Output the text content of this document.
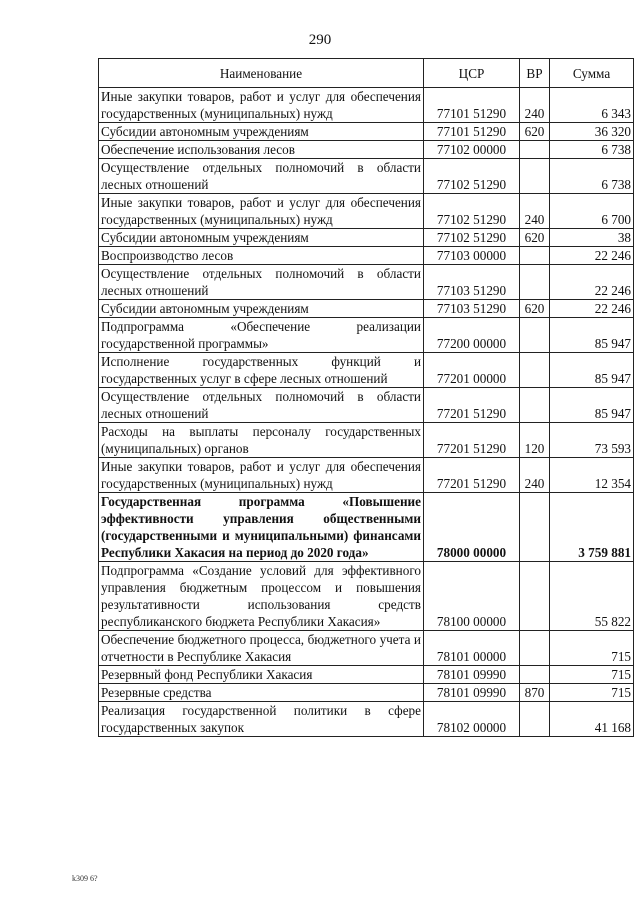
290
Наименование	ЦСР	ВР	Сумма
Иные закупки товаров, работ и услуг для обеспечения государственных (муниципальных) нужд	77101 51290	240	6 343
Субсидии автономным учреждениям	77101 51290	620	36 320
Обеспечение использования лесов	77102 00000		6 738
Осуществление отдельных полномочий в области лесных отношений	77102 51290		6 738
Иные закупки товаров, работ и услуг для обеспечения государственных (муниципальных) нужд	77102 51290	240	6 700
Субсидии автономным учреждениям	77102 51290	620	38
Воспроизводство лесов	77103 00000		22 246
Осуществление отдельных полномочий в области лесных отношений	77103 51290		22 246
Субсидии автономным учреждениям	77103 51290	620	22 246
Подпрограмма «Обеспечение реализации государственной программы»	77200 00000		85 947
Исполнение государственных функций и государственных услуг в сфере лесных отношений	77201 00000		85 947
Осуществление отдельных полномочий в области лесных отношений	77201 51290		85 947
Расходы на выплаты персоналу государственных (муниципальных) органов	77201 51290	120	73 593
Иные закупки товаров, работ и услуг для обеспечения государственных (муниципальных) нужд	77201 51290	240	12 354
Государственная программа «Повышение эффективности управления общественными (государственными и муниципальными) финансами Республики Хакасия на период до 2020 года»	78000 00000		3 759 881
Подпрограмма «Создание условий для эффективного управления бюджетным процессом и повышения результативности использования средств республиканского бюджета Республики Хакасия»	78100 00000		55 822
Обеспечение бюджетного процесса, бюджетного учета и отчетности в Республике Хакасия	78101 00000		715
Резервный фонд Республики Хакасия	78101 09990		715
Резервные средства	78101 09990	870	715
Реализация государственной политики в сфере государственных закупок	78102 00000		41 168
k309 6?
